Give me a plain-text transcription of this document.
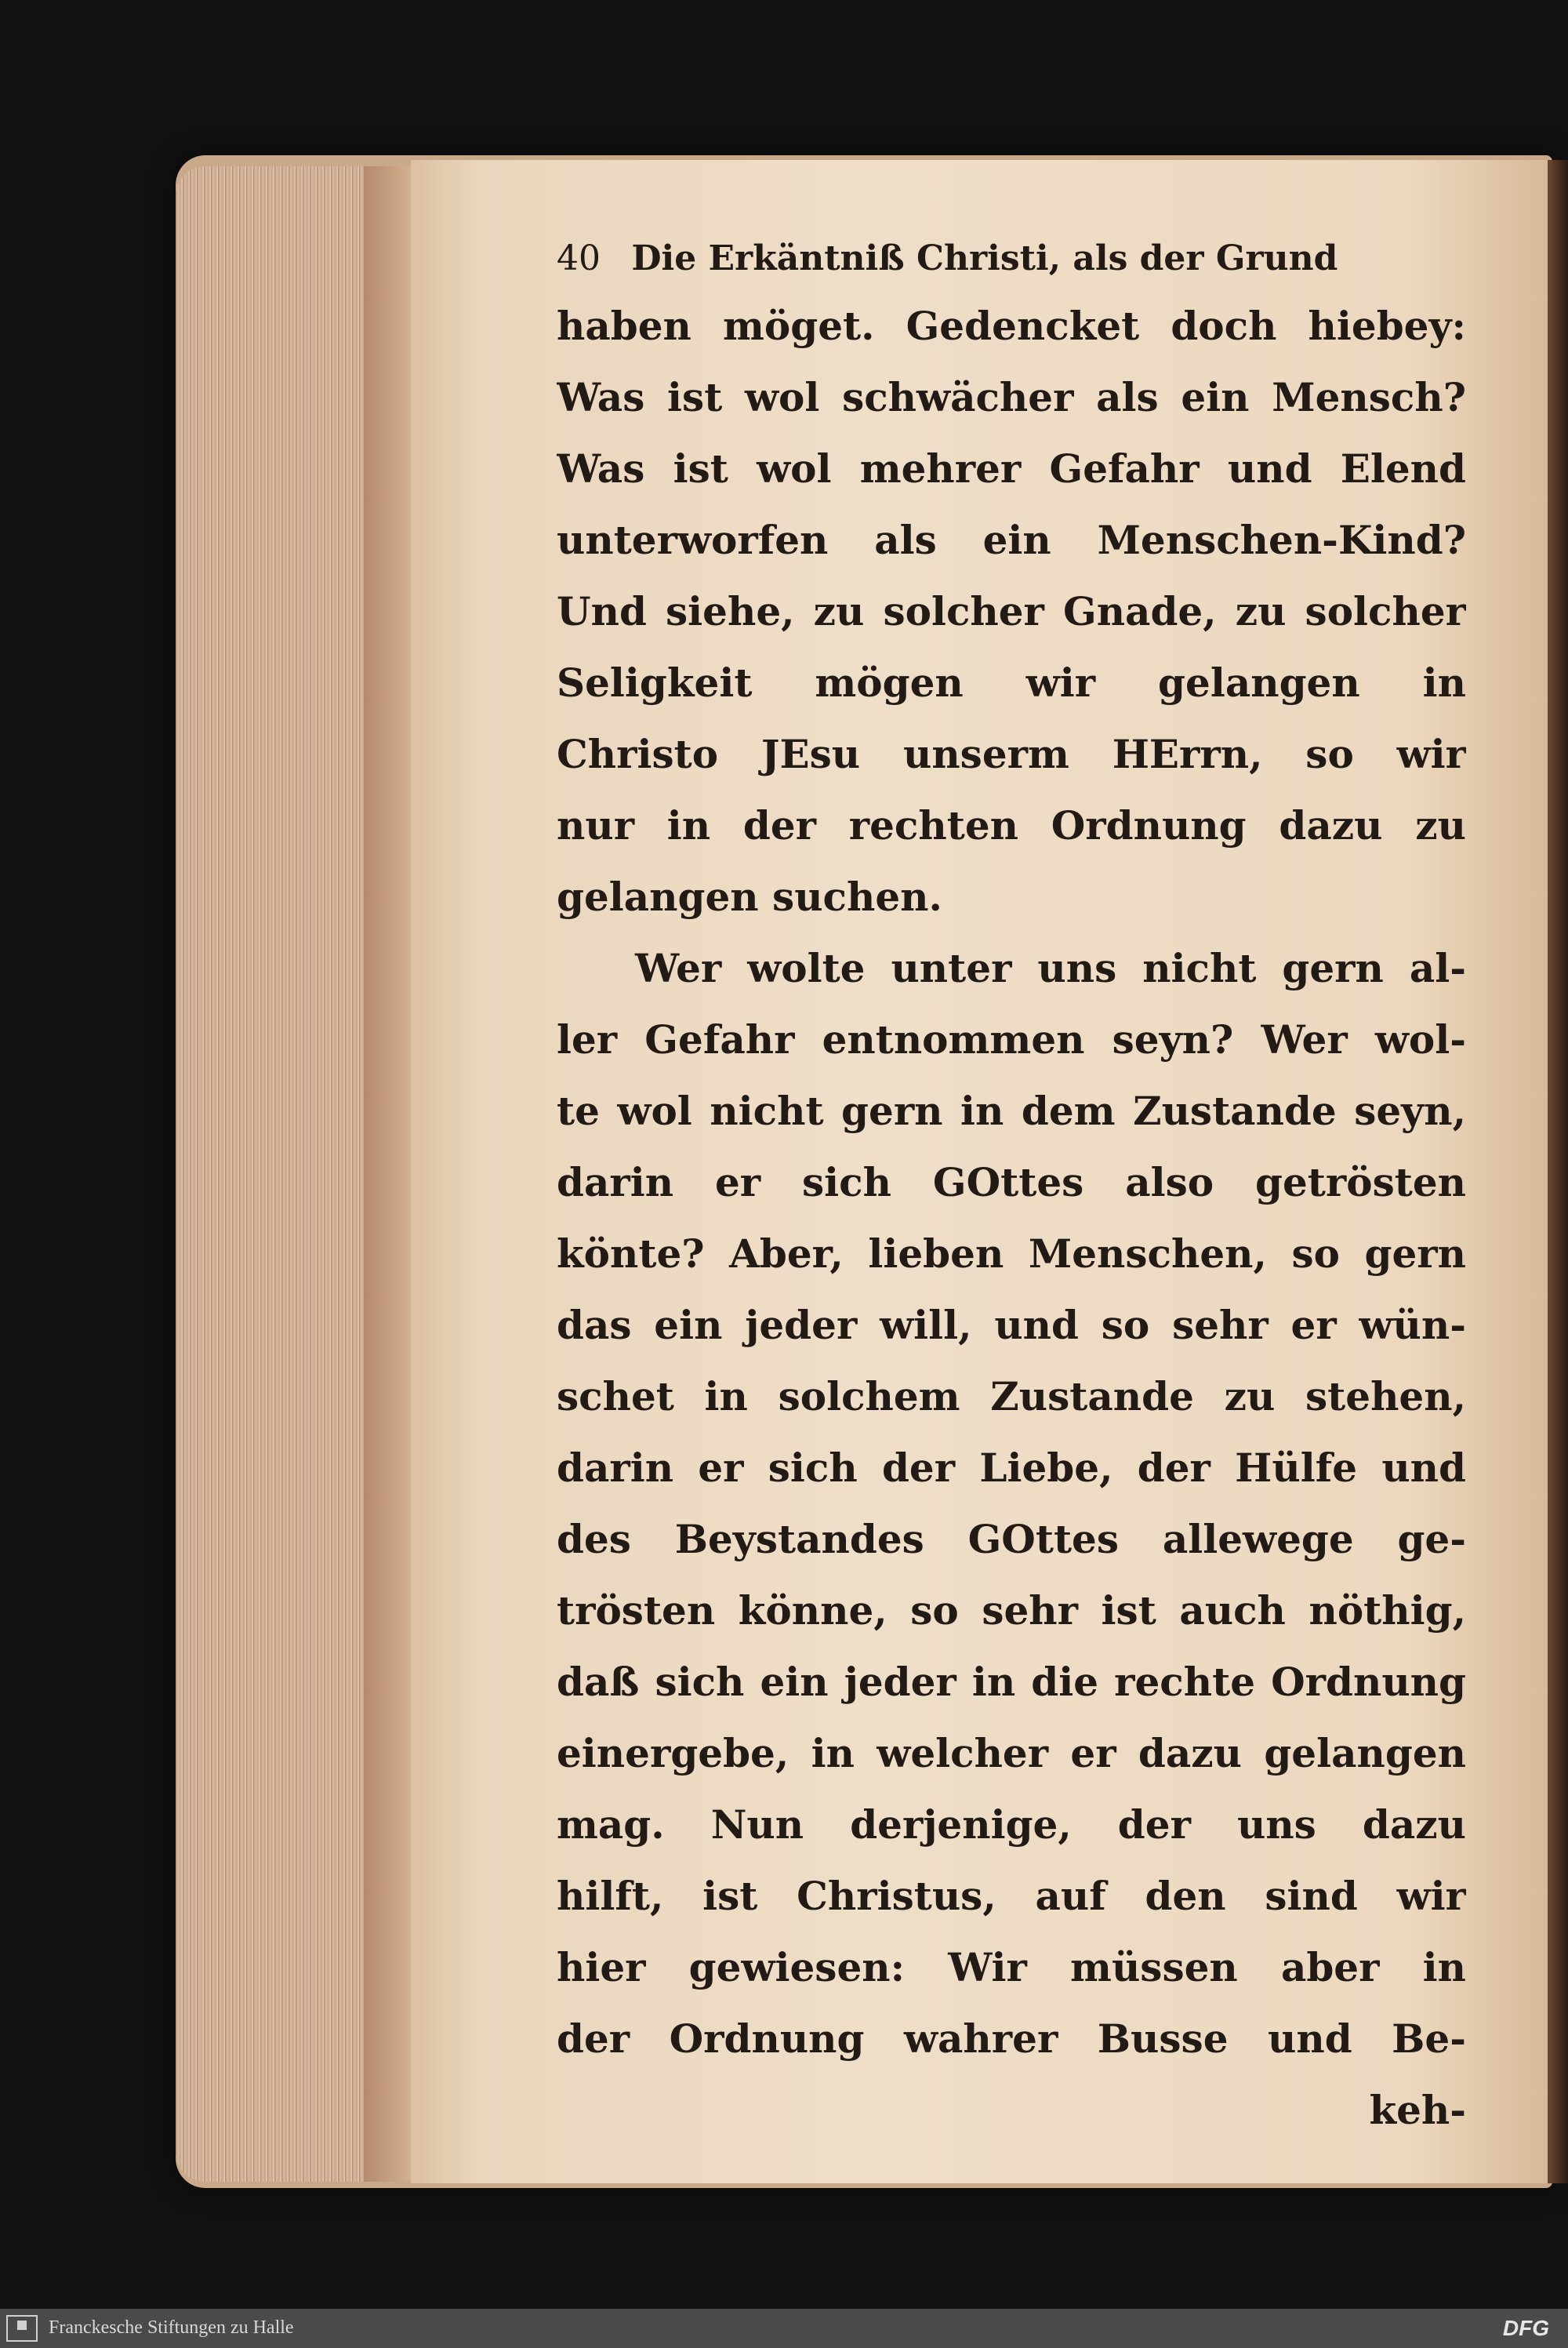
40 Die Erkäntniß Christi, als der Grund
haben möget. Gedencket doch hiebey:
Was ist wol schwächer als ein Mensch?
Was ist wol mehrer Gefahr und Elend
unterworfen als ein Menschen-Kind?
Und siehe, zu solcher Gnade, zu solcher
Seligkeit mögen wir gelangen in
Christo JEsu unserm HErrn, so wir
nur in der rechten Ordnung dazu zu
gelangen suchen.
Wer wolte unter uns nicht gern al-
ler Gefahr entnommen seyn? Wer wol-
te wol nicht gern in dem Zustande seyn,
darin er sich GOttes also getrösten
könte? Aber, lieben Menschen, so gern
das ein jeder will, und so sehr er wün-
schet in solchem Zustande zu stehen,
darin er sich der Liebe, der Hülfe und
des Beystandes GOttes allewege ge-
trösten könne, so sehr ist auch nöthig,
daß sich ein jeder in die rechte Ordnung
einergebe, in welcher er dazu gelangen
mag. Nun derjenige, der uns dazu
hilft, ist Christus, auf den sind wir
hier gewiesen: Wir müssen aber in
der Ordnung wahrer Busse und Be-
keh-
Franckesche Stiftungen zu Halle	DFG
